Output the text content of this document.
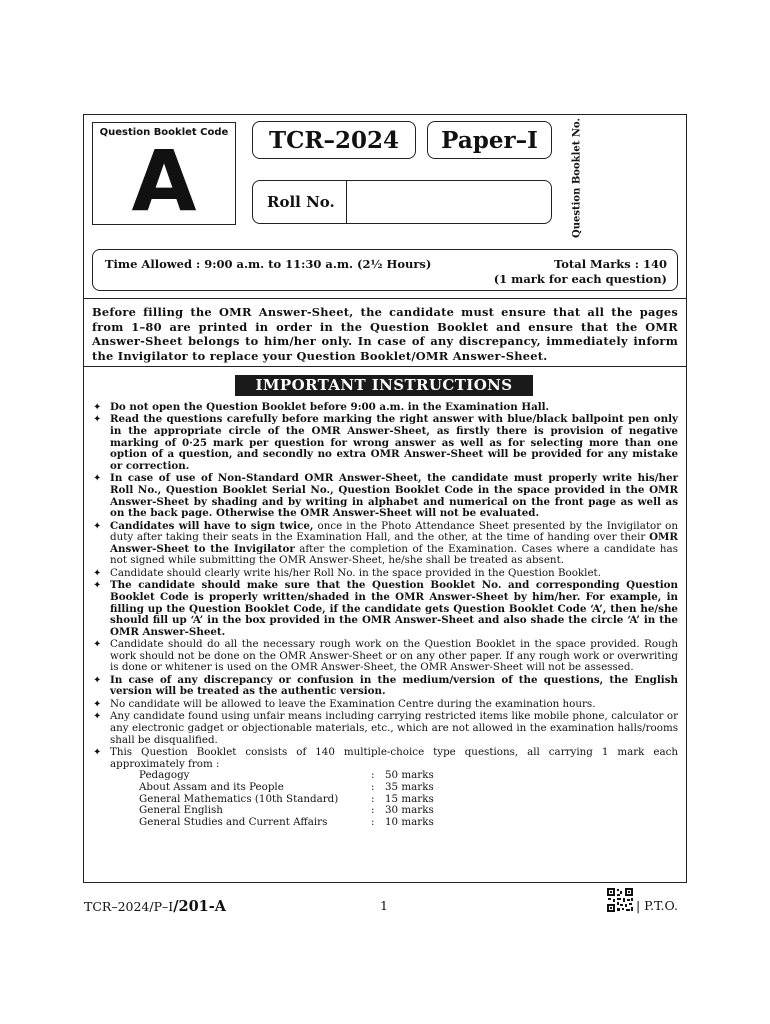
Question Booklet Code
A	TCR–2024	Paper–I
Roll No.	Question Booklet No.
Time Allowed : 9:00 a.m. to 11:30 a.m. (2½ Hours)	Total Marks : 140
(1 mark for each question)
Before filling the OMR Answer-Sheet, the candidate must ensure that all the pages from 1–80 are printed in order in the Question Booklet and ensure that the OMR Answer-Sheet belongs to him/her only. In case of any discrepancy, immediately inform the Invigilator to replace your Question Booklet/OMR Answer-Sheet.
IMPORTANT INSTRUCTIONS
✦ Do not open the Question Booklet before 9:00 a.m. in the Examination Hall.
✦ Read the questions carefully before marking the right answer with blue/black ballpoint pen only in the appropriate circle of the OMR Answer-Sheet, as firstly there is provision of negative marking of 0·25 mark per question for wrong answer as well as for selecting more than one option of a question, and secondly no extra OMR Answer-Sheet will be provided for any mistake or correction.
✦ In case of use of Non-Standard OMR Answer-Sheet, the candidate must properly write his/her Roll No., Question Booklet Serial No., Question Booklet Code in the space provided in the OMR Answer-Sheet by shading and by writing in alphabet and numerical on the front page as well as on the back page. Otherwise the OMR Answer-Sheet will not be evaluated.
✦ Candidates will have to sign twice, once in the Photo Attendance Sheet presented by the Invigilator on duty after taking their seats in the Examination Hall, and the other, at the time of handing over their OMR Answer-Sheet to the Invigilator after the completion of the Examination. Cases where a candidate has not signed while submitting the OMR Answer-Sheet, he/she shall be treated as absent.
✦ Candidate should clearly write his/her Roll No. in the space provided in the Question Booklet.
✦ The candidate should make sure that the Question Booklet No. and corresponding Question Booklet Code is properly written/shaded in the OMR Answer-Sheet by him/her. For example, in filling up the Question Booklet Code, if the candidate gets Question Booklet Code ‘A’, then he/she should fill up ‘A’ in the box provided in the OMR Answer-Sheet and also shade the circle ‘A’ in the OMR Answer-Sheet.
✦ Candidate should do all the necessary rough work on the Question Booklet in the space provided. Rough work should not be done on the OMR Answer-Sheet or on any other paper. If any rough work or overwriting is done or whitener is used on the OMR Answer-Sheet, the OMR Answer-Sheet will not be assessed.
✦ In case of any discrepancy or confusion in the medium/version of the questions, the English version will be treated as the authentic version.
✦ No candidate will be allowed to leave the Examination Centre during the examination hours.
✦ Any candidate found using unfair means including carrying restricted items like mobile phone, calculator or any electronic gadget or objectionable materials, etc., which are not allowed in the examination halls/rooms shall be disqualified.
✦ This Question Booklet consists of 140 multiple-choice type questions, all carrying 1 mark each approximately from :
Pedagogy	:	50 marks
About Assam and its People	:	35 marks
General Mathematics (10th Standard)	:	15 marks
General English	:	30 marks
General Studies and Current Affairs	:	10 marks
TCR–2024/P–I/201-A	1	| P.T.O.
